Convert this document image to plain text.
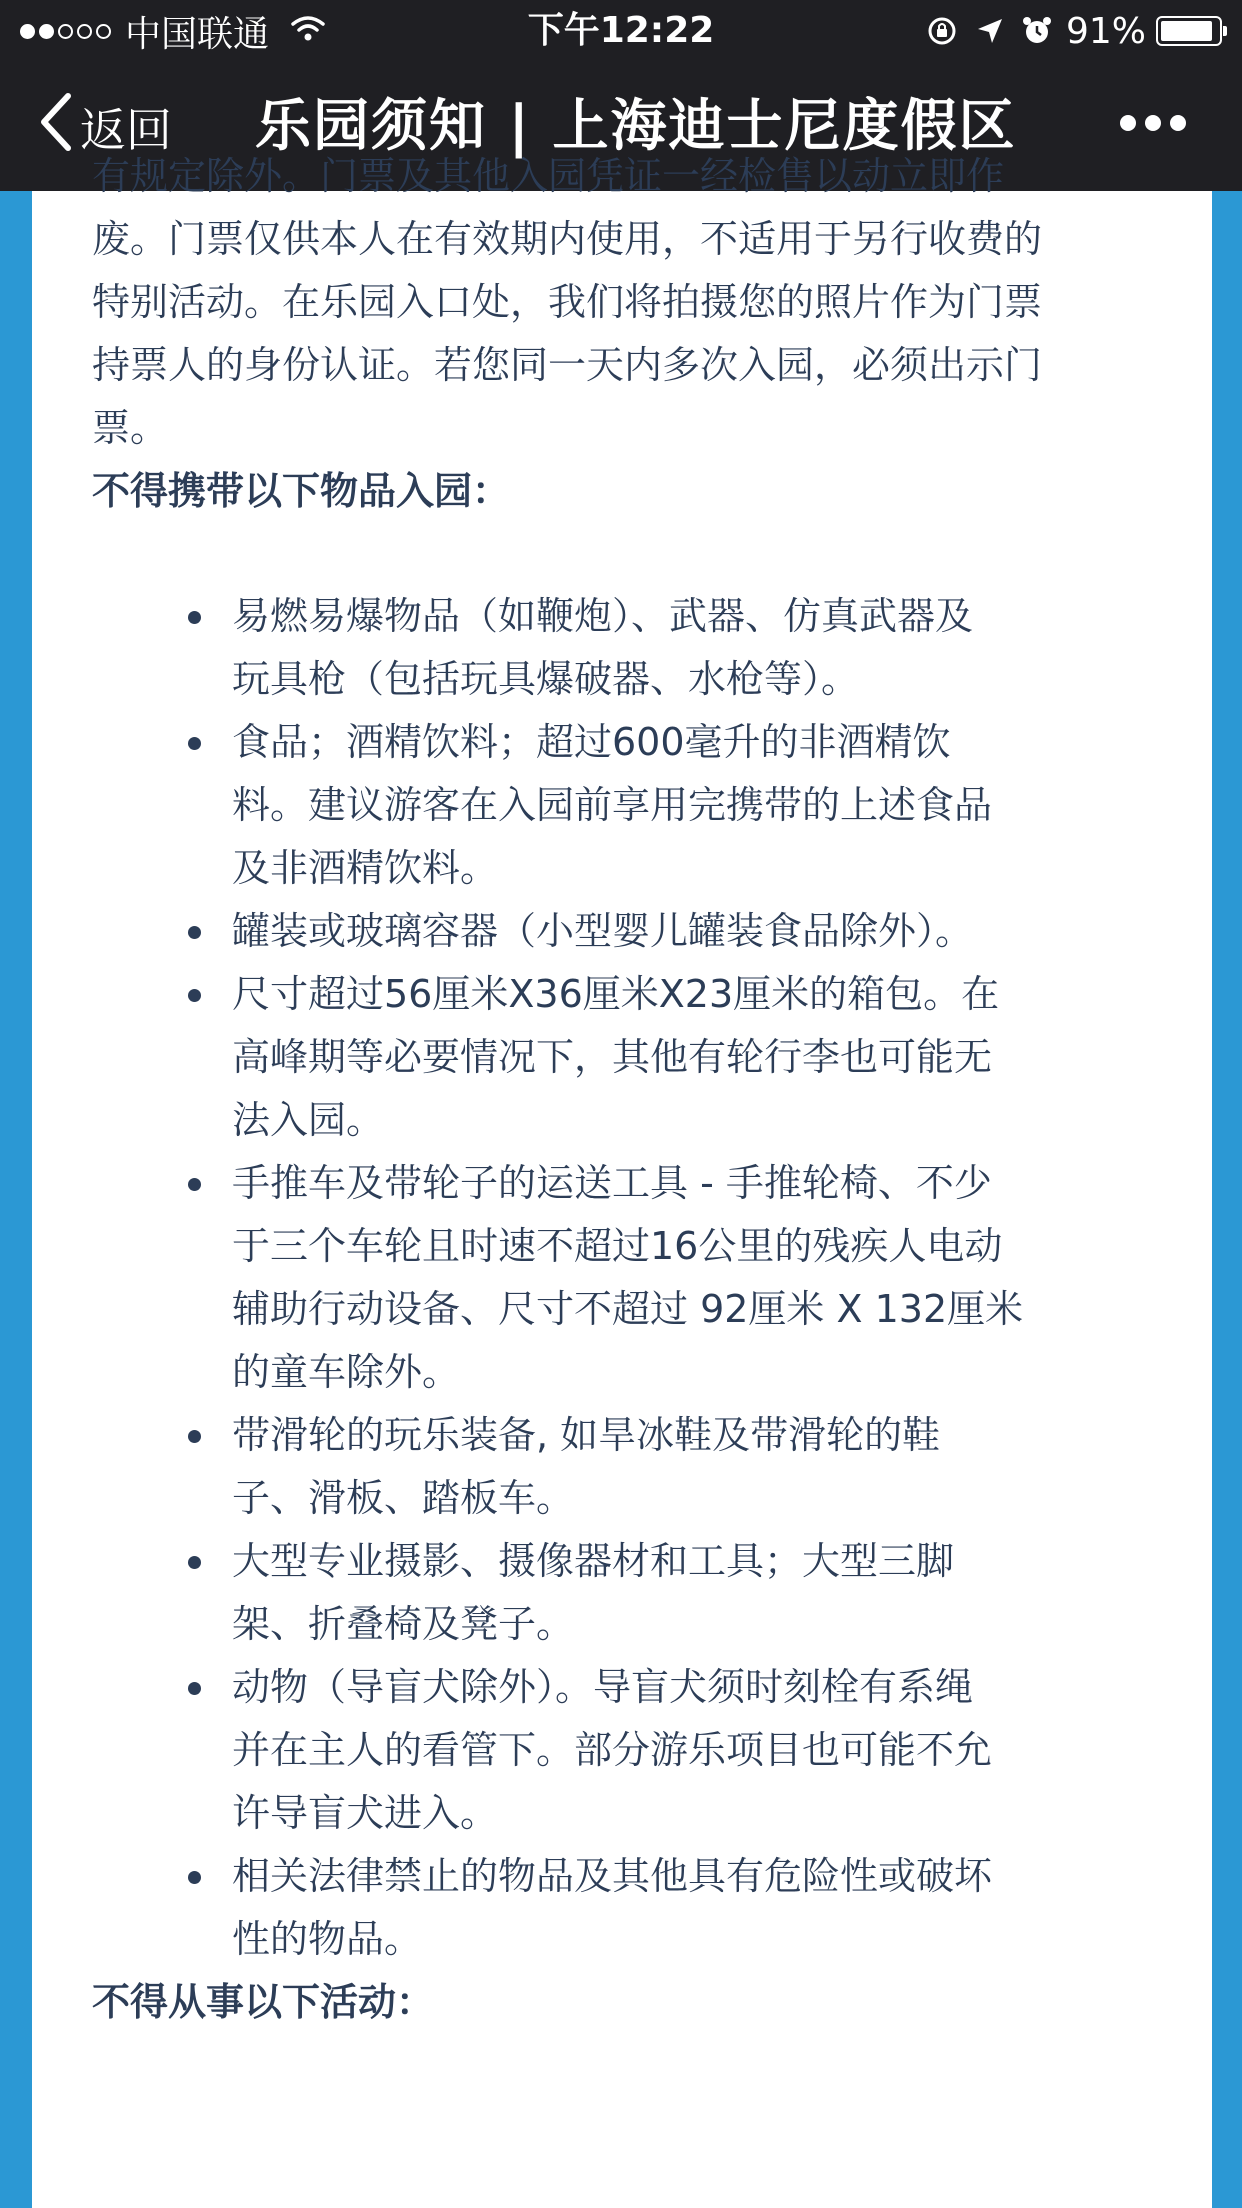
中国联通	下午12:22	91%
返回 乐园须知 | 上海迪士尼度假区

有规定除外。门票及其他入园凭证一经检售以动立即作

废。门票仅供本人在有效期内使用，不适用于另行收费的

特别活动。在乐园入口处，我们将拍摄您的照片作为门票

持票人的身份认证。若您同一天内多次入园，必须出示门

票。

不得携带以下物品入园：

易燃易爆物品（如鞭炮）、武器、仿真武器及
玩具枪（包括玩具爆破器、水枪等）。
食品；酒精饮料；超过600毫升的非酒精饮
料。建议游客在入园前享用完携带的上述食品
及非酒精饮料。
罐装或玻璃容器（小型婴儿罐装食品除外）。
尺寸超过56厘米X36厘米X23厘米的箱包。在
高峰期等必要情况下，其他有轮行李也可能无
法入园。
手推车及带轮子的运送工具 - 手推轮椅、不少
于三个车轮且时速不超过16公里的残疾人电动
辅助行动设备、尺寸不超过 92厘米 X 132厘米
的童车除外。
带滑轮的玩乐装备, 如旱冰鞋及带滑轮的鞋
子、滑板、踏板车。
大型专业摄影、摄像器材和工具；大型三脚
架、折叠椅及凳子。
动物（导盲犬除外）。导盲犬须时刻栓有系绳
并在主人的看管下。部分游乐项目也可能不允
许导盲犬进入。
相关法律禁止的物品及其他具有危险性或破坏
性的物品。

不得从事以下活动：
